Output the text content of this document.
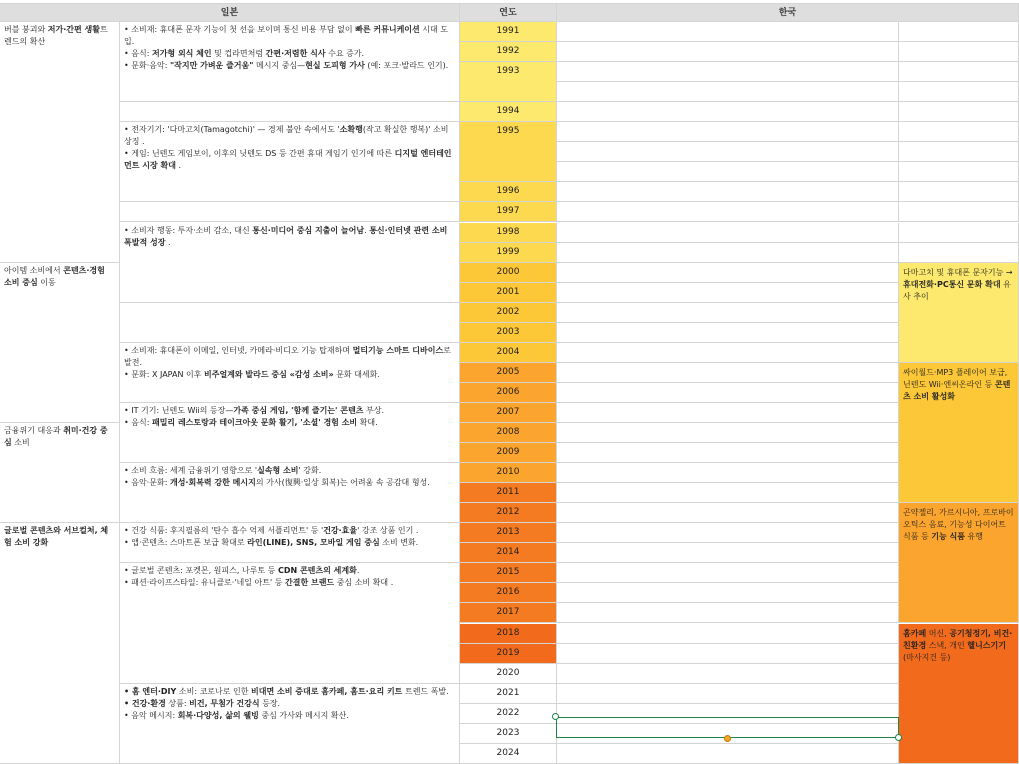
일본	연도	한국
버블 붕괴와 저가·간편 생활트렌드의 확산
아이템 소비에서 콘텐츠·경험 소비 중심 이동
금융위기 대응과 취미·건강 중심 소비
글로벌 콘텐츠와 서브컬처, 체험 소비 강화
• 소비재: 휴대폰 문자 기능이 첫 선을 보이며 통신 비용 부담 없이 빠른 커뮤니케이션 시대 도입.
• 음식: 저가형 외식 체인 및 컵라면처럼 간편·저렴한 식사 수요 증가.
• 문화·음악: "작지만 가벼운 즐거움" 메시지 중심—현실 도피형 가사 (예: 포크·발라드 인기).
• 전자기기: '다마고치(Tamagotchi)' — 경제 불안 속에서도 '소확행(작고 확실한 행복)' 소비 상징 .
• 게임: 닌텐도 게임보이, 이후의 닛텐도 DS 등 간편 휴대 게임기 인기에 따른 디지털 엔터테인먼트 시장 확대 .
• 소비자 행동: 투자·소비 감소, 대신 통신·미디어 중심 지출이 늘어남. 통신·인터넷 관련 소비 폭발적 성장 .
• 소비재: 휴대폰이 이메일, 인터넷, 카메라·비디오 기능 탑재하며 멀티기능 스마트 디바이스로 발전.
• 문화: X JAPAN 이후 비주얼계와 발라드 중심 «감성 소비» 문화 대세화.
• IT 기기: 닌텐도 Wii의 등장—가족 중심 게임, '함께 즐기는' 콘텐츠 부상.
• 음식: 패밀리 레스토랑과 테이크아웃 문화 활기, '소셜' 경험 소비 확대.
• 소비 흐름: 세계 금융위기 영향으로 '실속형 소비' 강화.
• 음악·문화: 개성·회복력 강한 메시지의 가사(復興·일상 회복)는 어려움 속 공감대 형성.
• 건강 식품: 후지필름의 '탄수 흡수 억제 서플리먼트' 등 '건강·효율' 강조 상품 인기 .
• 앱·콘텐츠: 스마트폰 보급 확대로 라인(LINE), SNS, 모바일 게임 중심 소비 변화.
• 글로벌 콘텐츠: 포켓몬, 원피스, 나루토 등 CDN 콘텐츠의 세계화.
• 패션·라이프스타일: 유니클로·'네일 아트' 등 간결한 브랜드 중심 소비 확대 .
• 홈 엔터·DIY 소비: 코로나로 인한 비대면 소비 증대로 홈카페, 홈트·요리 키트 트렌드 폭발.
• 건강·환경 상품: 비건, 무첨가 건강식 등장.
• 음악 메시지: 회복·다양성, 삶의 웰빙 중심 가사와 메시지 확산.
1991
1992
1993
1994
1995
1996
1997
1998
1999
2000
2001
2002
2003
2004
2005
2006
2007
2008
2009
2010
2011
2012
2013
2014
2015
2016
2017
2018
2019
2020
2021
2022
2023
2024
다마고치 및 휴대폰 문자기능 → 휴대전화·PC통신 문화 확대 유사 추이
싸이월드·MP3 플레이어 보급, 닌텐도 Wii·엔씨온라인 등 콘텐츠 소비 활성화
곤약젤리, 가르시니아, 프로바이오틱스 음료, 기능성 다이어트 식품 등 기능 식품 유행
홈카페 머신, 공기청정기, 비건·친환경 스낵, 개인 헬니스기기(마사지건 등)
